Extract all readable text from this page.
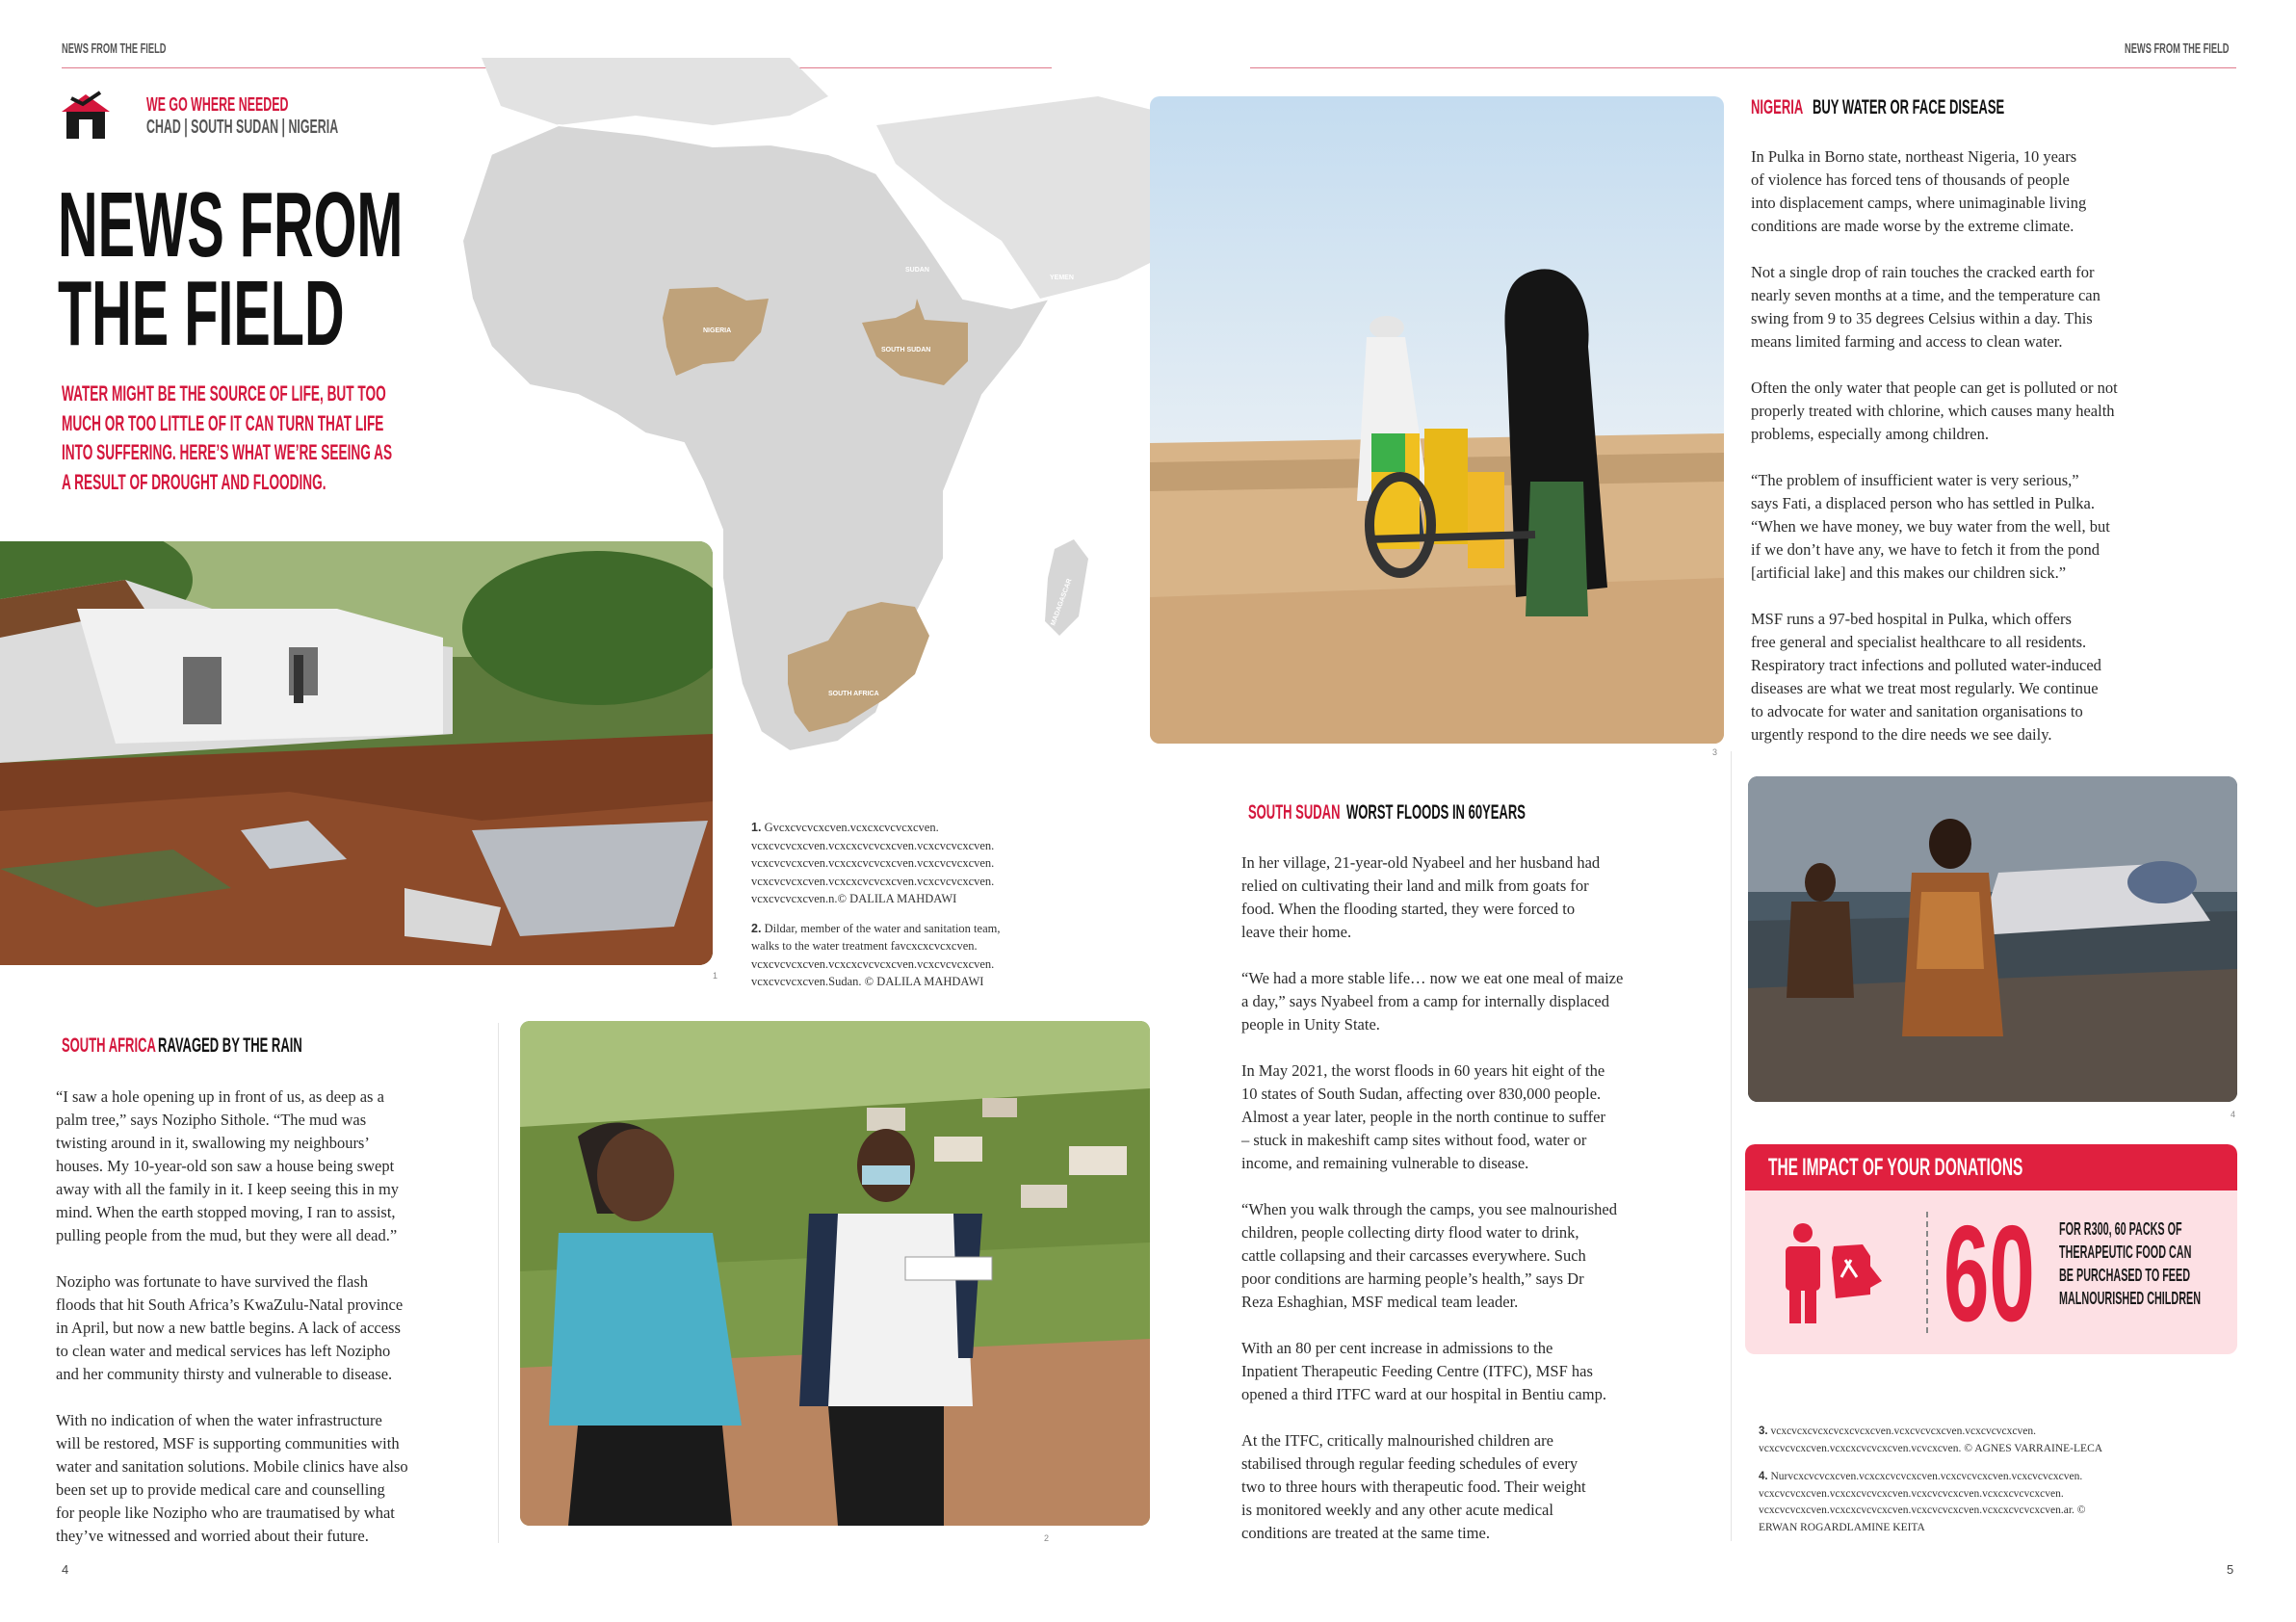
NEWS FROM THE FIELD	NEWS FROM THE FIELD
NIGERIA
SOUTH SUDAN
SOUTH AFRICA
SUDAN
YEMEN
MADAGASCAR
WE GO WHERE NEEDED
CHAD | SOUTH SUDAN | NIGERIA
NEWS FROM
THE FIELD
WATER MIGHT BE THE SOURCE OF LIFE, BUT TOO
MUCH OR TOO LITTLE OF IT CAN TURN THAT LIFE
INTO SUFFERING. HERE’S WHAT WE’RE SEEING AS
A RESULT OF DROUGHT AND FLOODING.
1

1. Gvcxcvcvcxcven.vcxcxcvcvcxcven.
vcxcvcvcxcven.vcxcxcvcvcxcven.vcxcvcvcxcven.
vcxcvcvcxcven.vcxcxcvcvcxcven.vcxcvcvcxcven.
vcxcvcvcxcven.vcxcxcvcvcxcven.vcxcvcvcxcven.
vcxcvcvcxcven.n.© DALILA MAHDAWI

2. Dildar, member of the water and sanitation team,
walks to the water treatment favcxcxcvcxcven.
vcxcvcvcxcven.vcxcxcvcvcxcven.vcxcvcvcxcven.
vcxcvcvcxcven.Sudan. © DALILA MAHDAWI

SOUTH AFRICA RAVAGED BY THE RAIN

“I saw a hole opening up in front of us, as deep as a
palm tree,” says Nozipho Sithole. “The mud was
twisting around in it, swallowing my neighbours’
houses. My 10-year-old son saw a house being swept
away with all the family in it. I keep seeing this in my
mind. When the earth stopped moving, I ran to assist,
pulling people from the mud, but they were all dead.”

Nozipho was fortunate to have survived the flash
floods that hit South Africa’s KwaZulu-Natal province
in April, but now a new battle begins. A lack of access
to clean water and medical services has left Nozipho
and her community thirsty and vulnerable to disease.

With no indication of when the water infrastructure
will be restored, MSF is supporting communities with
water and sanitation solutions. Mobile clinics have also
been set up to provide medical care and counselling
for people like Nozipho who are traumatised by what
they’ve witnessed and worried about their future.	2
3
SOUTH SUDAN WORST FLOODS IN 60YEARS

In her village, 21-year-old Nyabeel and her husband had
relied on cultivating their land and milk from goats for
food. When the flooding started, they were forced to
leave their home.

“We had a more stable life… now we eat one meal of maize
a day,” says Nyabeel from a camp for internally displaced
people in Unity State.

In May 2021, the worst floods in 60 years hit eight of the
10 states of South Sudan, affecting over 830,000 people.
Almost a year later, people in the north continue to suffer
– stuck in makeshift camp sites without food, water or
income, and remaining vulnerable to disease.

“When you walk through the camps, you see malnourished
children, people collecting dirty flood water to drink,
cattle collapsing and their carcasses everywhere. Such
poor conditions are harming people’s health,” says Dr
Reza Eshaghian, MSF medical team leader.

With an 80 per cent increase in admissions to the
Inpatient Therapeutic Feeding Centre (ITFC), MSF has
opened a third ITFC ward at our hospital in Bentiu camp.

At the ITFC, critically malnourished children are
stabilised through regular feeding schedules of every
two to three hours with therapeutic food. Their weight
is monitored weekly and any other acute medical
conditions are treated at the same time.

NIGERIA BUY WATER OR FACE DISEASE

In Pulka in Borno state, northeast Nigeria, 10 years
of violence has forced tens of thousands of people
into displacement camps, where unimaginable living
conditions are made worse by the extreme climate.

Not a single drop of rain touches the cracked earth for
nearly seven months at a time, and the temperature can
swing from 9 to 35 degrees Celsius within a day. This
means limited farming and access to clean water.

Often the only water that people can get is polluted or not
properly treated with chlorine, which causes many health
problems, especially among children.

“The problem of insufficient water is very serious,”
says Fati, a displaced person who has settled in Pulka.
“When we have money, we buy water from the well, but
if we don’t have any, we have to fetch it from the pond
[artificial lake] and this makes our children sick.”

MSF runs a 97-bed hospital in Pulka, which offers
free general and specialist healthcare to all residents.
Respiratory tract infections and polluted water-induced
diseases are what we treat most regularly. We continue
to advocate for water and sanitation organisations to
urgently respond to the dire needs we see daily.

4
THE IMPACT OF YOUR DONATIONS
60 FOR R300, 60 PACKS OF
THERAPEUTIC FOOD CAN
BE PURCHASED TO FEED
MALNOURISHED CHILDREN

3. vcxcvcxcvcxcvcxcvcxcven.vcxcvcvcxcven.vcxcvcvcxcven.
vcxcvcvcxcven.vcxcxcvcvcxcven.vcvcxcven. © AGNES VARRAINE-LECA

4. Nurvcxcvcvcxcven.vcxcxcvcvcxcven.vcxcvcvcxcven.vcxcvcvcxcven.
vcxcvcvcxcven.vcxcxcvcvcxcven.vcxcvcvcxcven.vcxcxcvcvcxcven.
vcxcvcvcxcven.vcxcxcvcvcxcven.vcxcvcvcxcven.vcxcxcvcvcxcven.ar. ©
ERWAN ROGARDLAMINE KEITA

4	5
